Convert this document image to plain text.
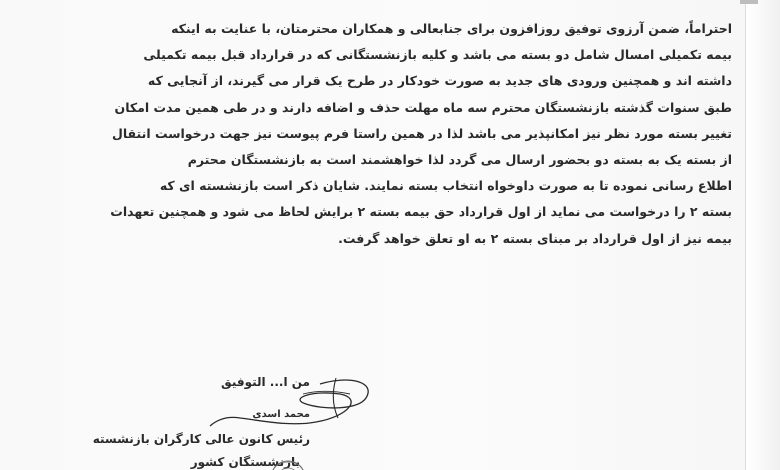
احتراماً، ضمن آرزوی توفیق روزافزون برای جنابعالی و همکاران محترمتان، با عنایت به اینکه
بیمه تکمیلی امسال شامل دو بسته می باشد و کلیه بازنشستگانی که در قرارداد قبل بیمه تکمیلی
داشته اند و همچنین ورودی های جدید به صورت خودکار در طرح یک قرار می گیرند، از آنجایی که
طبق سنوات گذشته بازنشستگان محترم سه ماه مهلت حذف و اضافه دارند و در طی همین مدت امکان
تغییر بسته مورد نظر نیز امکانپذیر می باشد لذا در همین راستا فرم پیوست نیز جهت درخواست انتقال
از بسته یک به بسته دو بحضور ارسال می گردد لذا خواهشمند است به بازنشستگان محترم
اطلاع رسانی نموده تا به صورت داوخواه انتخاب بسته نمایند. شایان ذکر است بازنشسته ای که
بسته ۲ را درخواست می نماید از اول قرارداد حق بیمه بسته ۲ برایش لحاظ می شود و همچنین تعهدات
بیمه نیز از اول قرارداد بر مبنای بسته ۲ به او تعلق خواهد گرفت.
من ا... التوفیق
محمد اسدی
رئیس کانون عالی کارگران بازنشسته
بازنشستگان کشور
